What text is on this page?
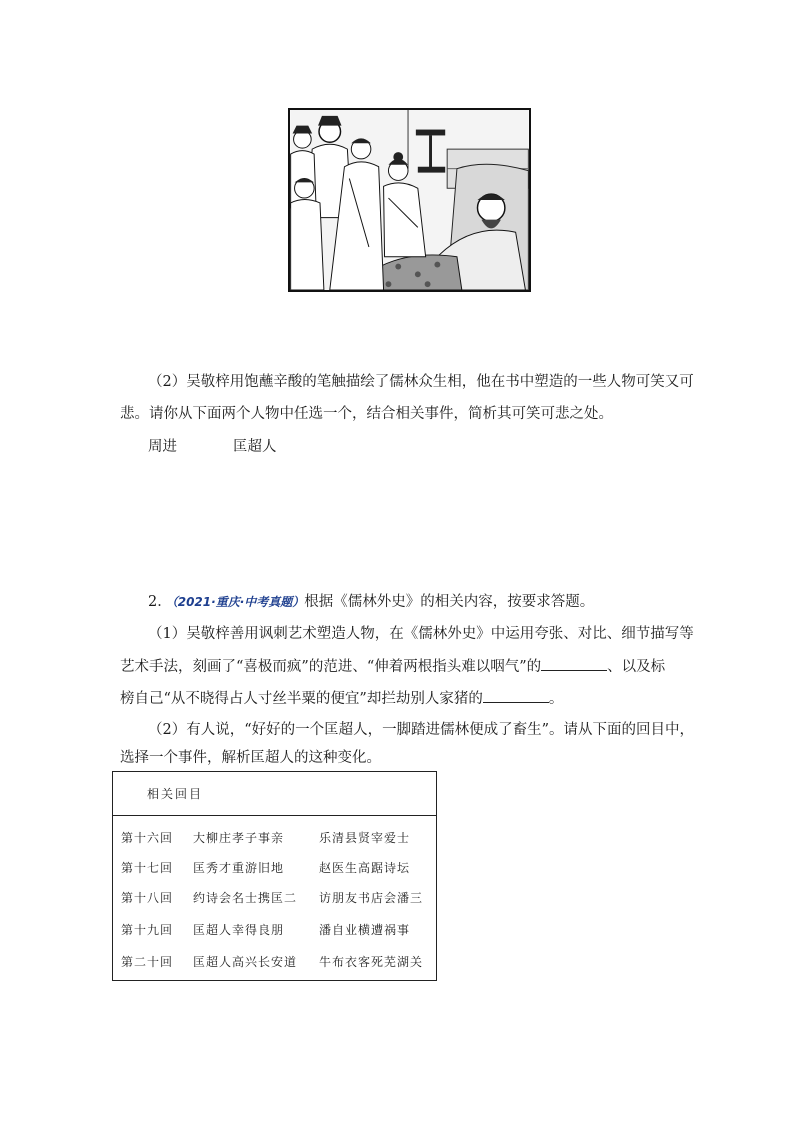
（2）吴敬梓用饱蘸辛酸的笔触描绘了儒林众生相，他在书中塑造的一些人物可笑又可
悲。请你从下面两个人物中任选一个，结合相关事件，简析其可笑可悲之处。
周进	匡超人
2．（2021·重庆·中考真题）根据《儒林外史》的相关内容，按要求答题。
（1）吴敬梓善用讽刺艺术塑造人物，在《儒林外史》中运用夸张、对比、细节描写等
艺术手法，刻画了“喜极而疯”的范进、“伸着两根指头难以咽气”的	、以及标
榜自己“从不晓得占人寸丝半粟的便宜”却拦劫别人家猪的	。
（2）有人说，“好好的一个匡超人，一脚踏进儒林便成了畜生”。请从下面的回目中，
选择一个事件，解析匡超人的这种变化。
相关回目
第十六回	大柳庄孝子事亲	乐清县贤宰爱士
第十七回	匡秀才重游旧地	赵医生高踞诗坛
第十八回	约诗会名士携匡二	访朋友书店会潘三
第十九回	匡超人幸得良朋	潘自业横遭祸事
第二十回	匡超人高兴长安道	牛布衣客死芜湖关
